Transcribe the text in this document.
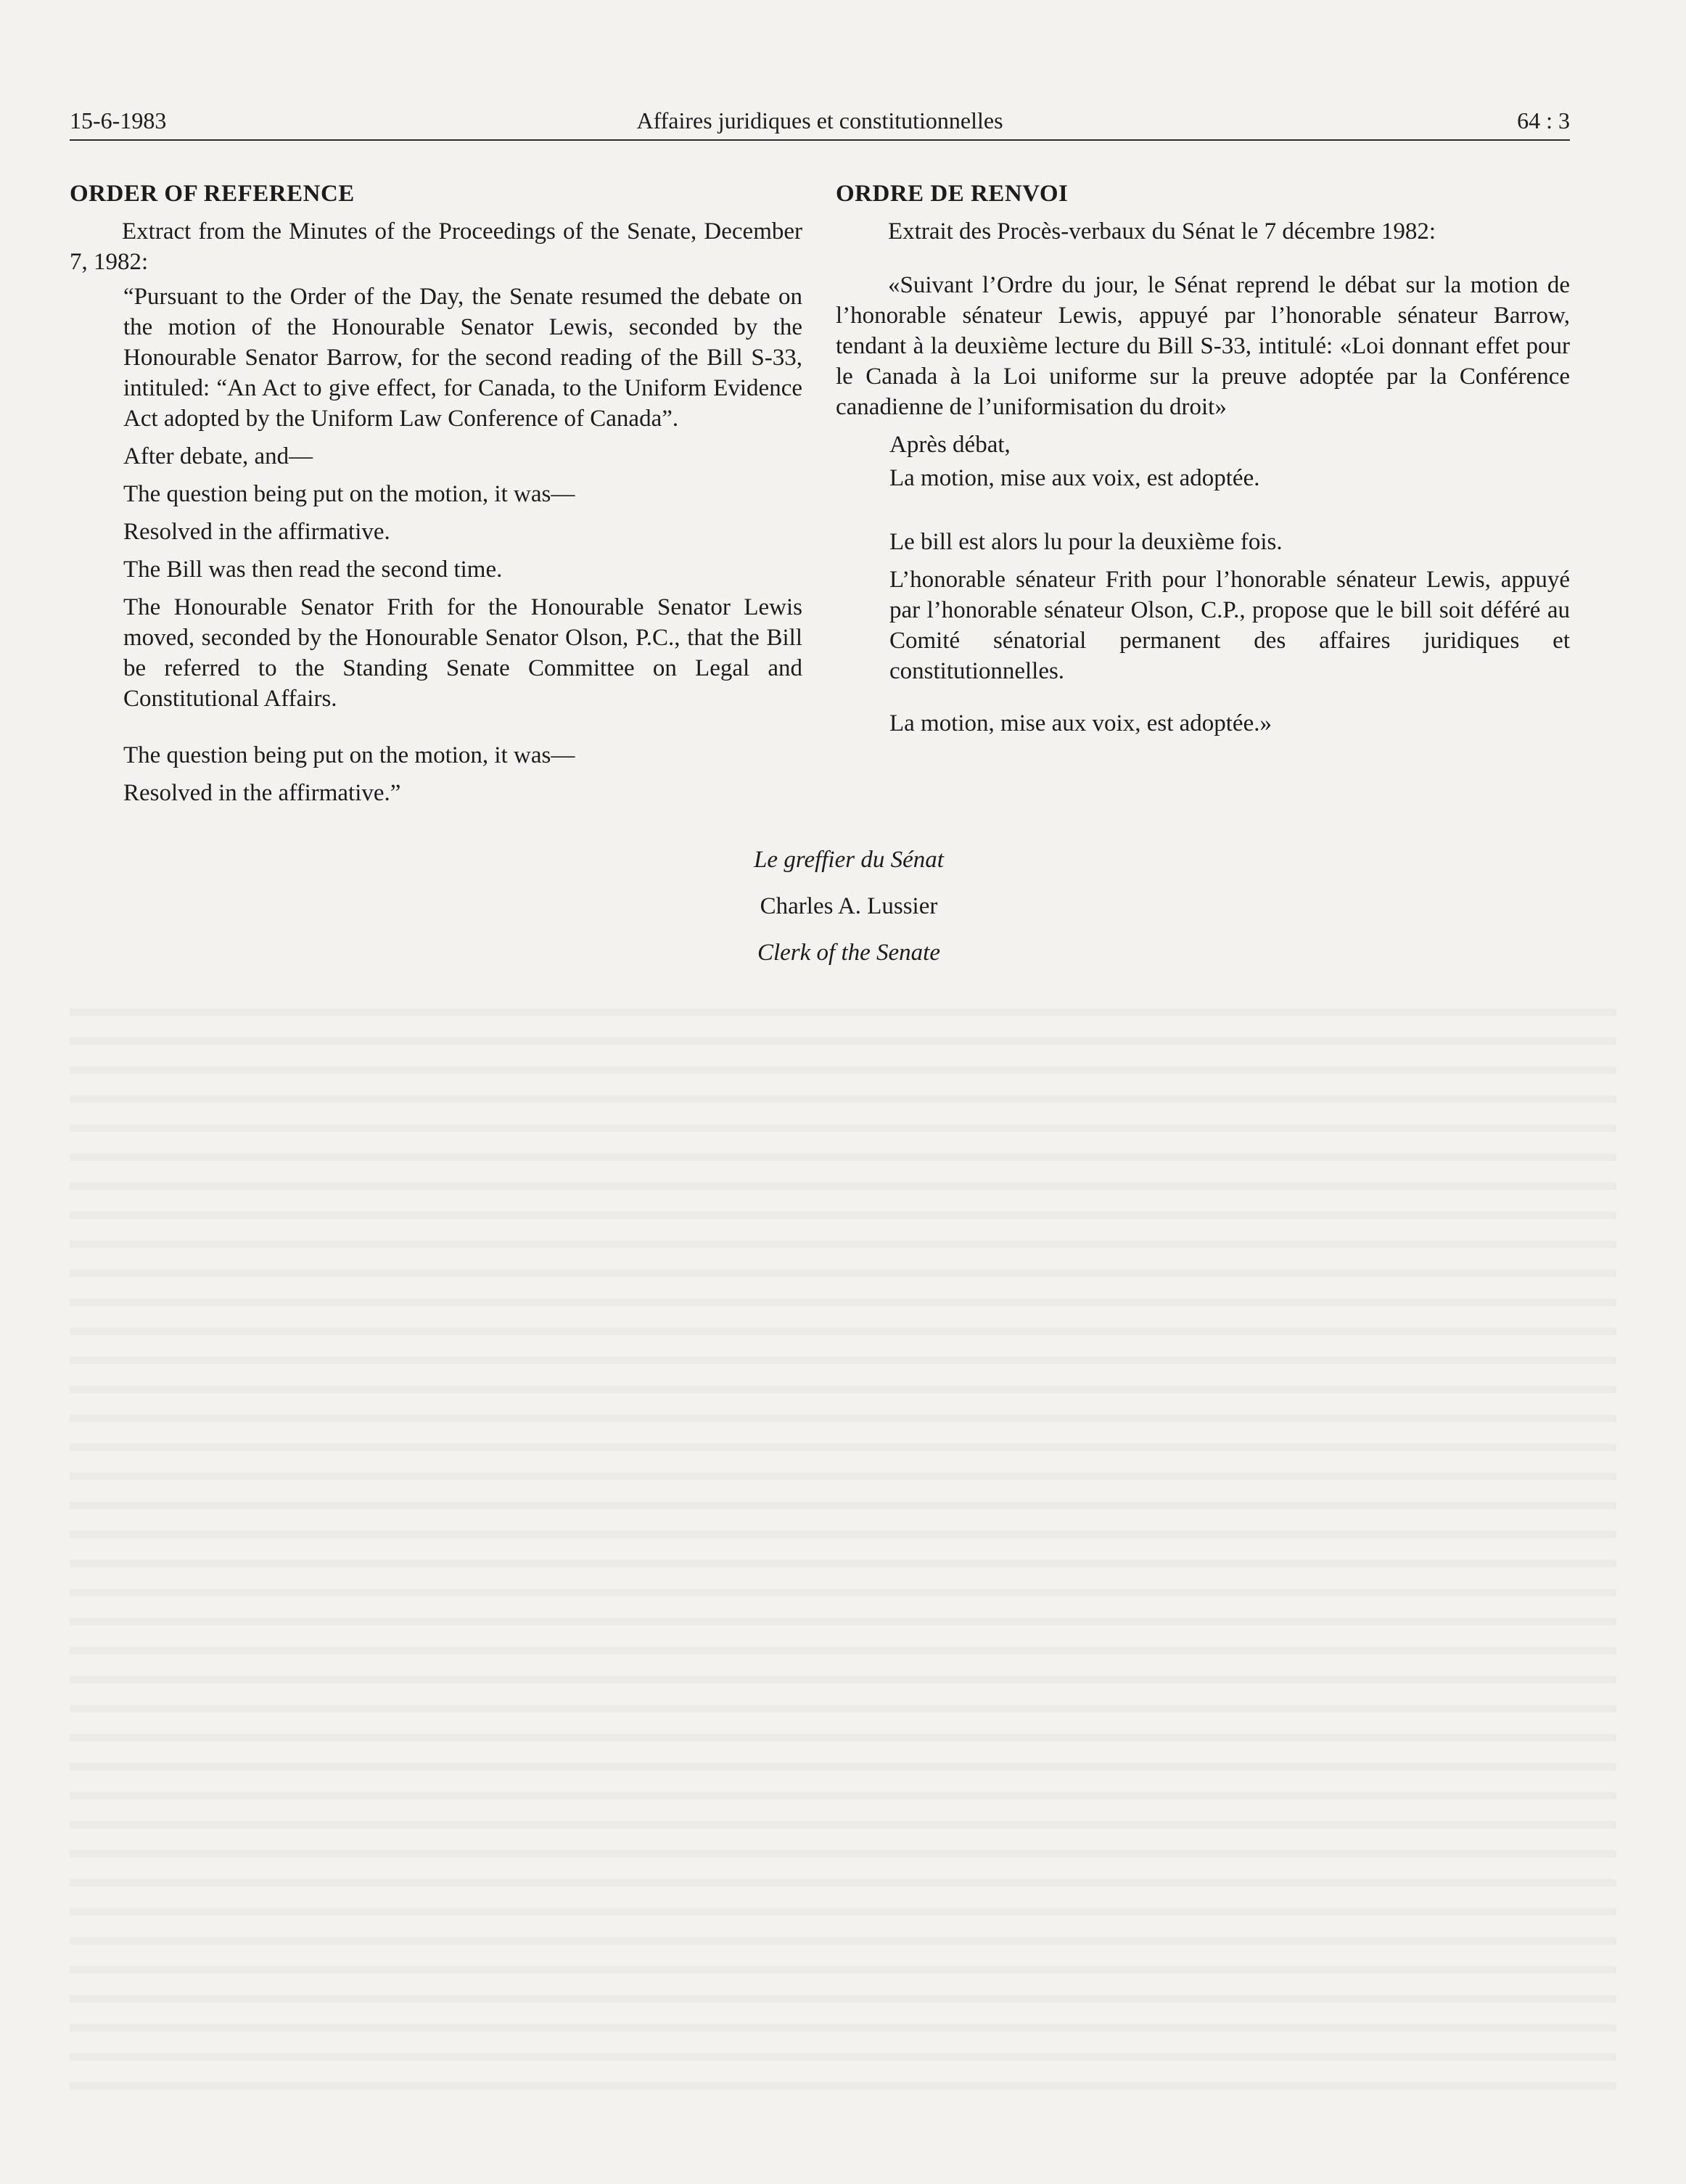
15-6-1983	Affaires juridiques et constitutionnelles	64 : 3
ORDER OF REFERENCE

Extract from the Minutes of the Proceedings of the Senate, December 7, 1982:

“Pursuant to the Order of the Day, the Senate resumed the debate on the motion of the Honourable Senator Lewis, seconded by the Honourable Senator Barrow, for the second reading of the Bill S-33, intituled: “An Act to give effect, for Canada, to the Uniform Evidence Act adopted by the Uniform Law Conference of Canada”.

After debate, and—

The question being put on the motion, it was—

Resolved in the affirmative.

The Bill was then read the second time.

The Honourable Senator Frith for the Honourable Senator Lewis moved, seconded by the Honourable Senator Olson, P.C., that the Bill be referred to the Standing Senate Committee on Legal and Constitutional Affairs.

The question being put on the motion, it was—

Resolved in the affirmative.”

ORDRE DE RENVOI

Extrait des Procès-verbaux du Sénat le 7 décembre 1982:

«Suivant l’Ordre du jour, le Sénat reprend le débat sur la motion de l’honorable sénateur Lewis, appuyé par l’honorable sénateur Barrow, tendant à la deuxième lecture du Bill S-33, intitulé: «Loi donnant effet pour le Canada à la Loi uniforme sur la preuve adoptée par la Conférence canadienne de l’uniformisation du droit»

Après débat,

La motion, mise aux voix, est adoptée.

Le bill est alors lu pour la deuxième fois.

L’honorable sénateur Frith pour l’honorable sénateur Lewis, appuyé par l’honorable sénateur Olson, C.P., propose que le bill soit déféré au Comité sénatorial permanent des affaires juridiques et constitutionnelles.

La motion, mise aux voix, est adoptée.»

Le greffier du Sénat
Charles A. Lussier
Clerk of the Senate
